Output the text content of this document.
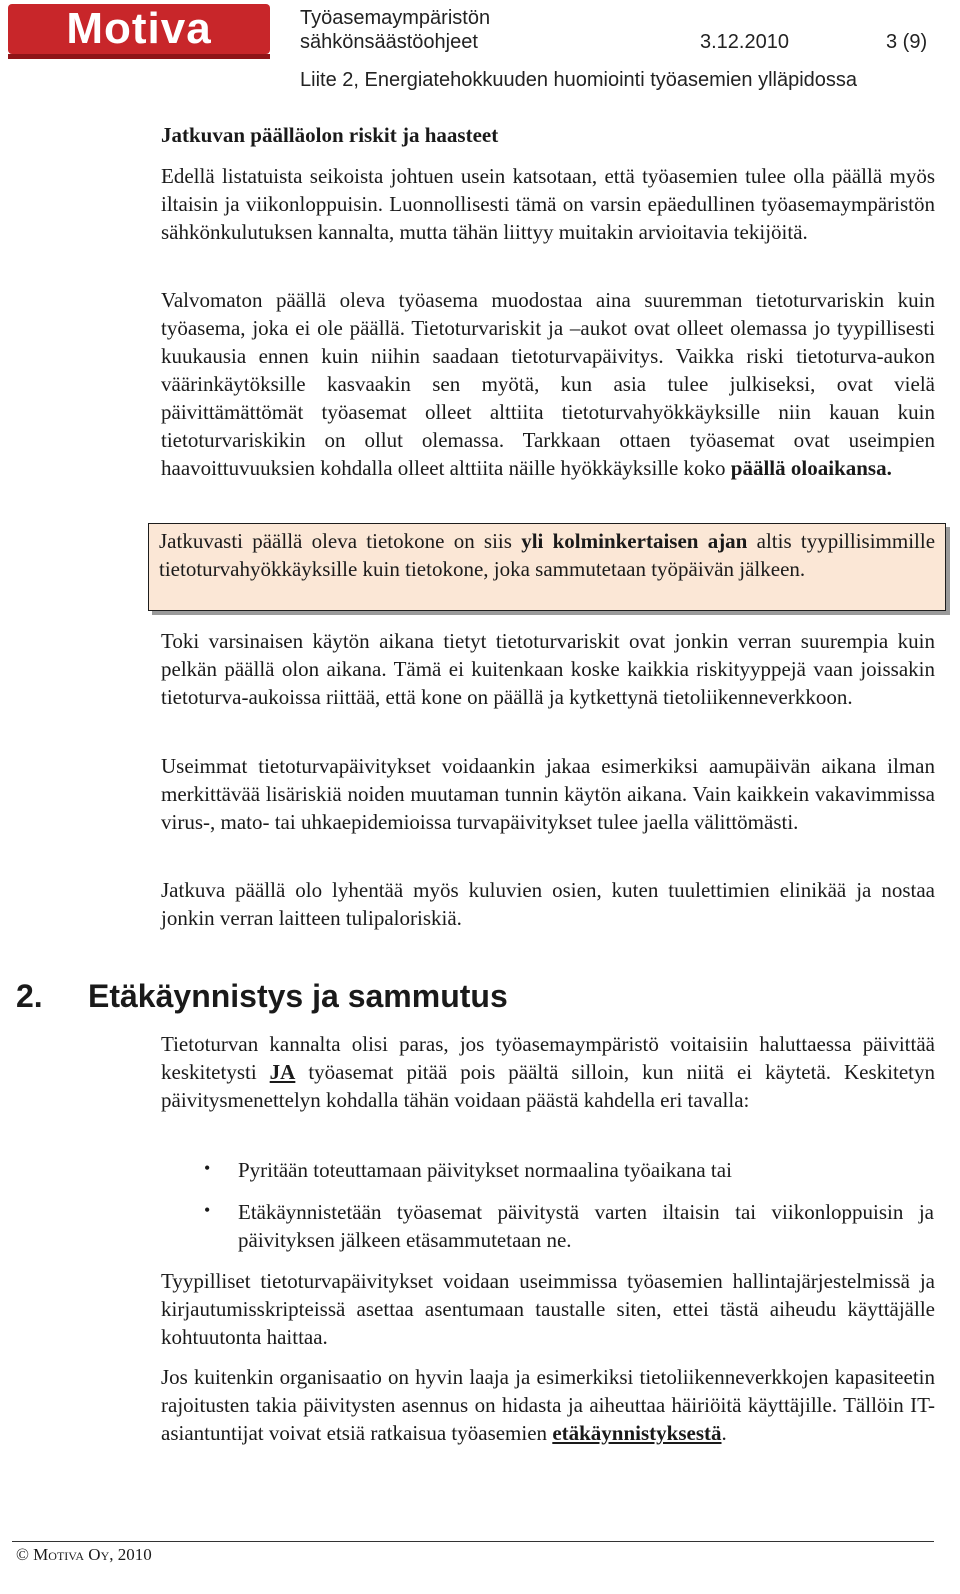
Motiva	Työasemaympäristön
sähkönsäästöohjeet	3.12.2010	3 (9)
Liite 2, Energiatehokkuuden huomiointi työasemien ylläpidossa
Jatkuvan päälläolon riskit ja haasteet

Edellä listatuista seikoista johtuen usein katsotaan, että työasemien tulee olla päällä myös iltaisin ja viikonloppuisin. Luonnollisesti tämä on varsin epäedullinen työasemaympäristön sähkönkulutuksen kannalta, mutta tähän liittyy muitakin arvioitavia tekijöitä.

Valvomaton päällä oleva työasema muodostaa aina suuremman tietoturvariskin kuin työasema, joka ei ole päällä. Tietoturvariskit ja –aukot ovat olleet olemassa jo tyypillisesti kuukausia ennen kuin niihin saadaan tietoturvapäivitys. Vaikka riski tietoturva-aukon väärinkäytöksille kasvaakin sen myötä, kun asia tulee julkiseksi, ovat vielä päivittämättömät työasemat olleet alttiita tietoturvahyökkäyksille niin kauan kuin tietoturvariskikin on ollut olemassa. Tarkkaan ottaen työasemat ovat useimpien haavoittuvuuksien kohdalla olleet alttiita näille hyökkäyksille koko päällä oloaikansa.

Jatkuvasti päällä oleva tietokone on siis yli kolminkertaisen ajan altis tyypillisimmille tietoturvahyökkäyksille kuin tietokone, joka sammutetaan työpäivän jälkeen.

Toki varsinaisen käytön aikana tietyt tietoturvariskit ovat jonkin verran suurempia kuin pelkän päällä olon aikana. Tämä ei kuitenkaan koske kaikkia riskityyppejä vaan joissakin tietoturva-aukoissa riittää, että kone on päällä ja kytkettynä tietoliikenneverkkoon.

Useimmat tietoturvapäivitykset voidaankin jakaa esimerkiksi aamupäivän aikana ilman merkittävää lisäriskiä noiden muutaman tunnin käytön aikana. Vain kaikkein vakavimmissa virus-, mato- tai uhkaepidemioissa turvapäivitykset tulee jaella välittömästi.

Jatkuva päällä olo lyhentää myös kuluvien osien, kuten tuulettimien elinikää ja nostaa jonkin verran laitteen tulipaloriskiä.

2. Etäkäynnistys ja sammutus

Tietoturvan kannalta olisi paras, jos työasemaympäristö voitaisiin haluttaessa päivittää keskitetysti JA työasemat pitää pois päältä silloin, kun niitä ei käytetä. Keskitetyn päivitysmenettelyn kohdalla tähän voidaan päästä kahdella eri tavalla:

• Pyritään toteuttamaan päivitykset normaalina työaikana tai
• Etäkäynnistetään työasemat päivitystä varten iltaisin tai viikonloppuisin ja päivityksen jälkeen etäsammutetaan ne.

Tyypilliset tietoturvapäivitykset voidaan useimmissa työasemien hallintajärjestelmissä ja kirjautumisskripteissä asettaa asentumaan taustalle siten, ettei tästä aiheudu käyttäjälle kohtuutonta haittaa.

Jos kuitenkin organisaatio on hyvin laaja ja esimerkiksi tietoliikenneverkkojen kapasiteetin rajoitusten takia päivitysten asennus on hidasta ja aiheuttaa häiriöitä käyttäjille. Tällöin IT-asiantuntijat voivat etsiä ratkaisua työasemien etäkäynnistyksestä.

© Motiva Oy, 2010
